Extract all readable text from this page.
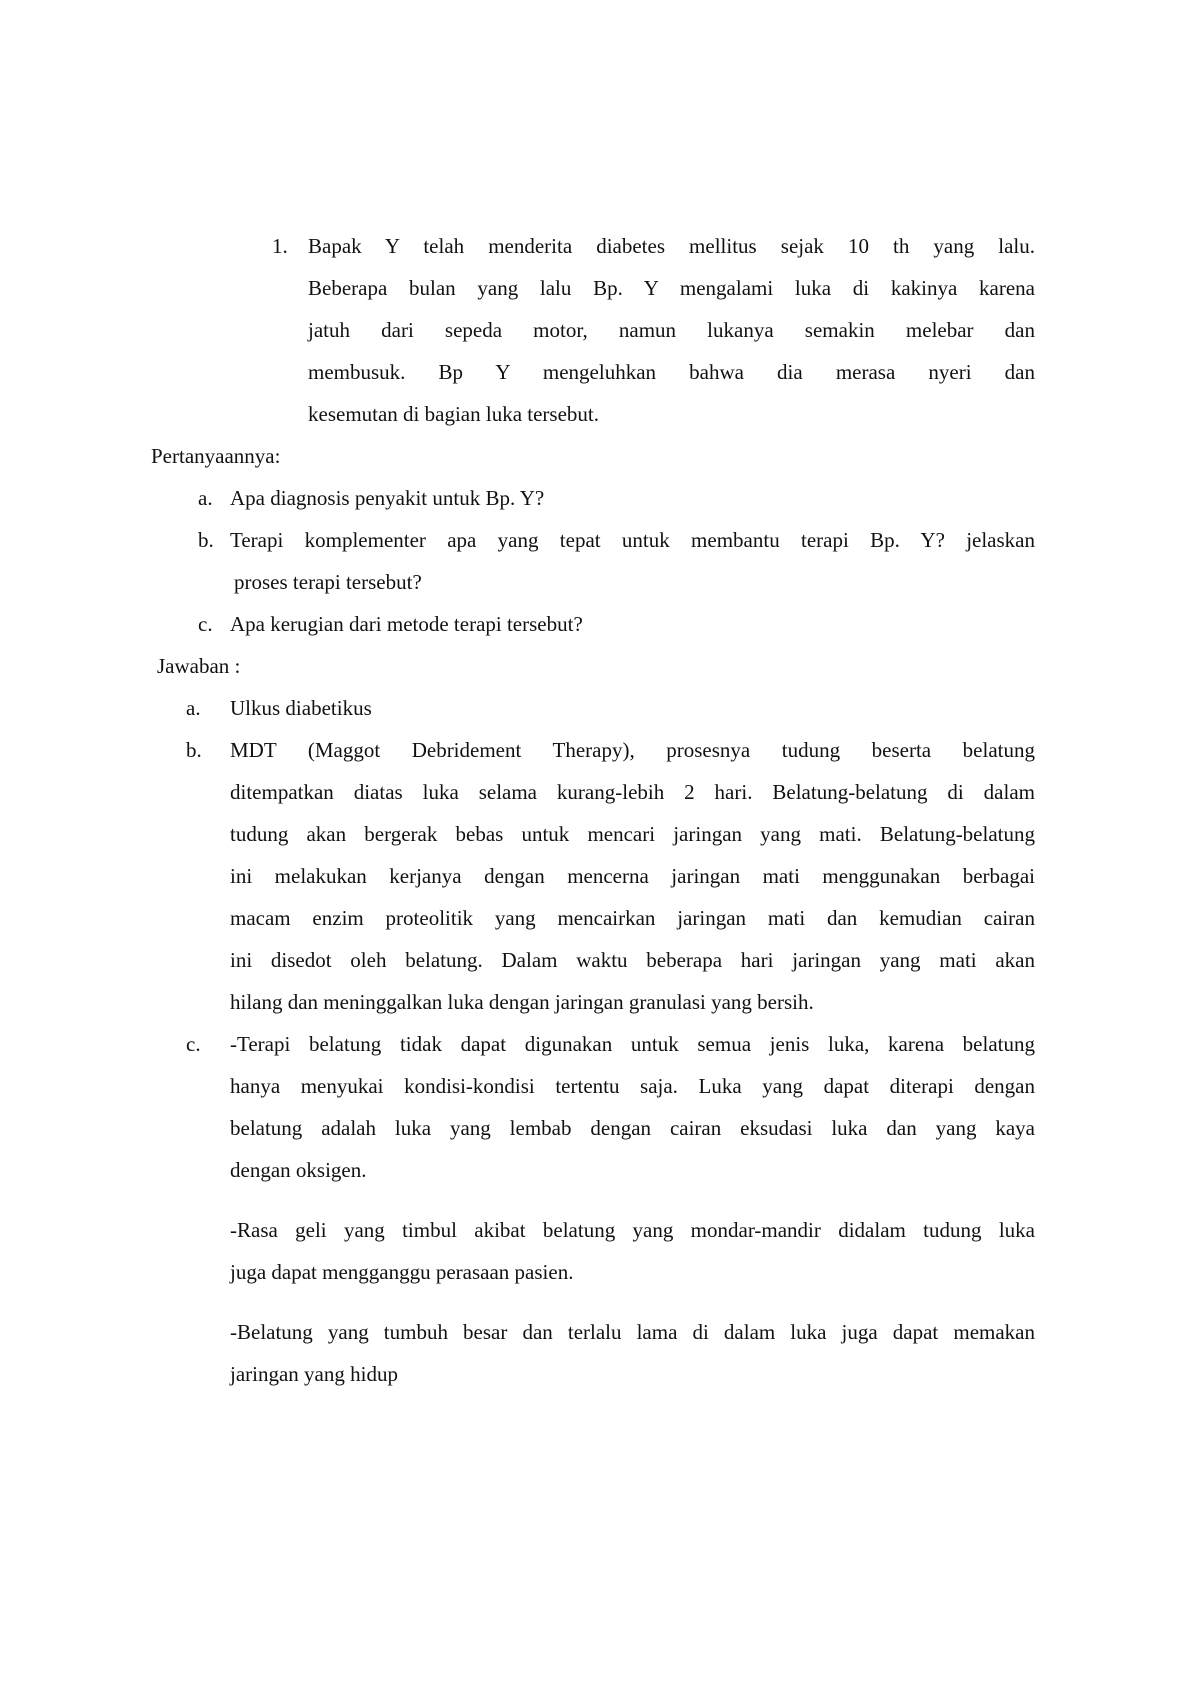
1. Bapak Y telah menderita diabetes mellitus sejak 10 th yang lalu.
Beberapa bulan yang lalu Bp. Y mengalami luka di kakinya karena
jatuh dari sepeda motor, namun lukanya semakin melebar dan
membusuk. Bp Y mengeluhkan bahwa dia merasa nyeri dan
kesemutan di bagian luka tersebut.
Pertanyaannya:
a. Apa diagnosis penyakit untuk Bp. Y?
b. Terapi komplementer apa yang tepat untuk membantu terapi Bp. Y? jelaskan
proses terapi tersebut?
c. Apa kerugian dari metode terapi tersebut?
Jawaban :
a. Ulkus diabetikus
b. MDT (Maggot Debridement Therapy), prosesnya tudung beserta belatung
ditempatkan diatas luka selama kurang-lebih 2 hari. Belatung-belatung di dalam
tudung akan bergerak bebas untuk mencari jaringan yang mati. Belatung-belatung
ini melakukan kerjanya dengan mencerna jaringan mati menggunakan berbagai
macam enzim proteolitik yang mencairkan jaringan mati dan kemudian cairan
ini disedot oleh belatung. Dalam waktu beberapa hari jaringan yang mati akan
hilang dan meninggalkan luka dengan jaringan granulasi yang bersih.
c. -Terapi belatung tidak dapat digunakan untuk semua jenis luka, karena belatung
hanya menyukai kondisi-kondisi tertentu saja. Luka yang dapat diterapi dengan
belatung adalah luka yang lembab dengan cairan eksudasi luka dan yang kaya
dengan oksigen.
-Rasa geli yang timbul akibat belatung yang mondar-mandir didalam tudung luka
juga dapat mengganggu perasaan pasien.
-Belatung yang tumbuh besar dan terlalu lama di dalam luka juga dapat memakan
jaringan yang hidup
